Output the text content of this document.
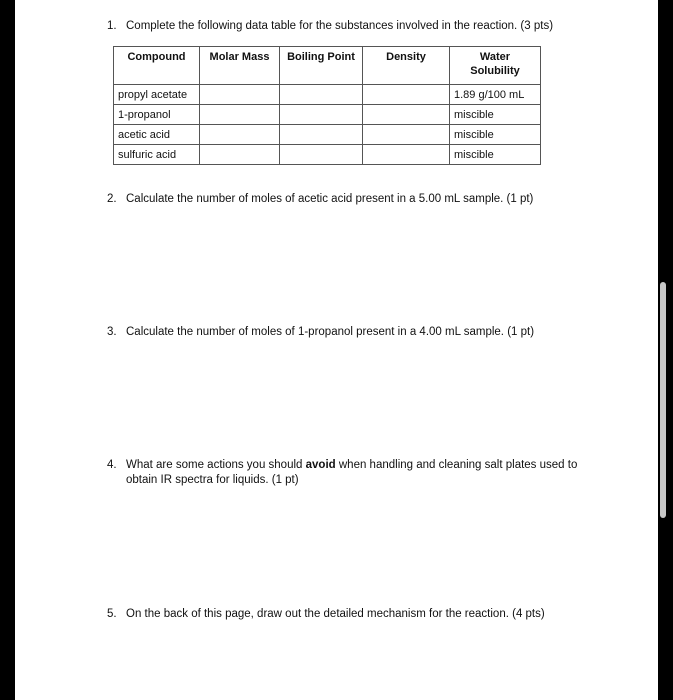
1. Complete the following data table for the substances involved in the reaction. (3 pts)
Compound	Molar Mass	Boiling Point	Density	Water Solubility
propyl acetate				1.89 g/100 mL
1-propanol				miscible
acetic acid				miscible
sulfuric acid				miscible
2. Calculate the number of moles of acetic acid present in a 5.00 mL sample. (1 pt)
3. Calculate the number of moles of 1-propanol present in a 4.00 mL sample. (1 pt)
4. What are some actions you should avoid when handling and cleaning salt plates used to obtain IR spectra for liquids. (1 pt)
5. On the back of this page, draw out the detailed mechanism for the reaction. (4 pts)
